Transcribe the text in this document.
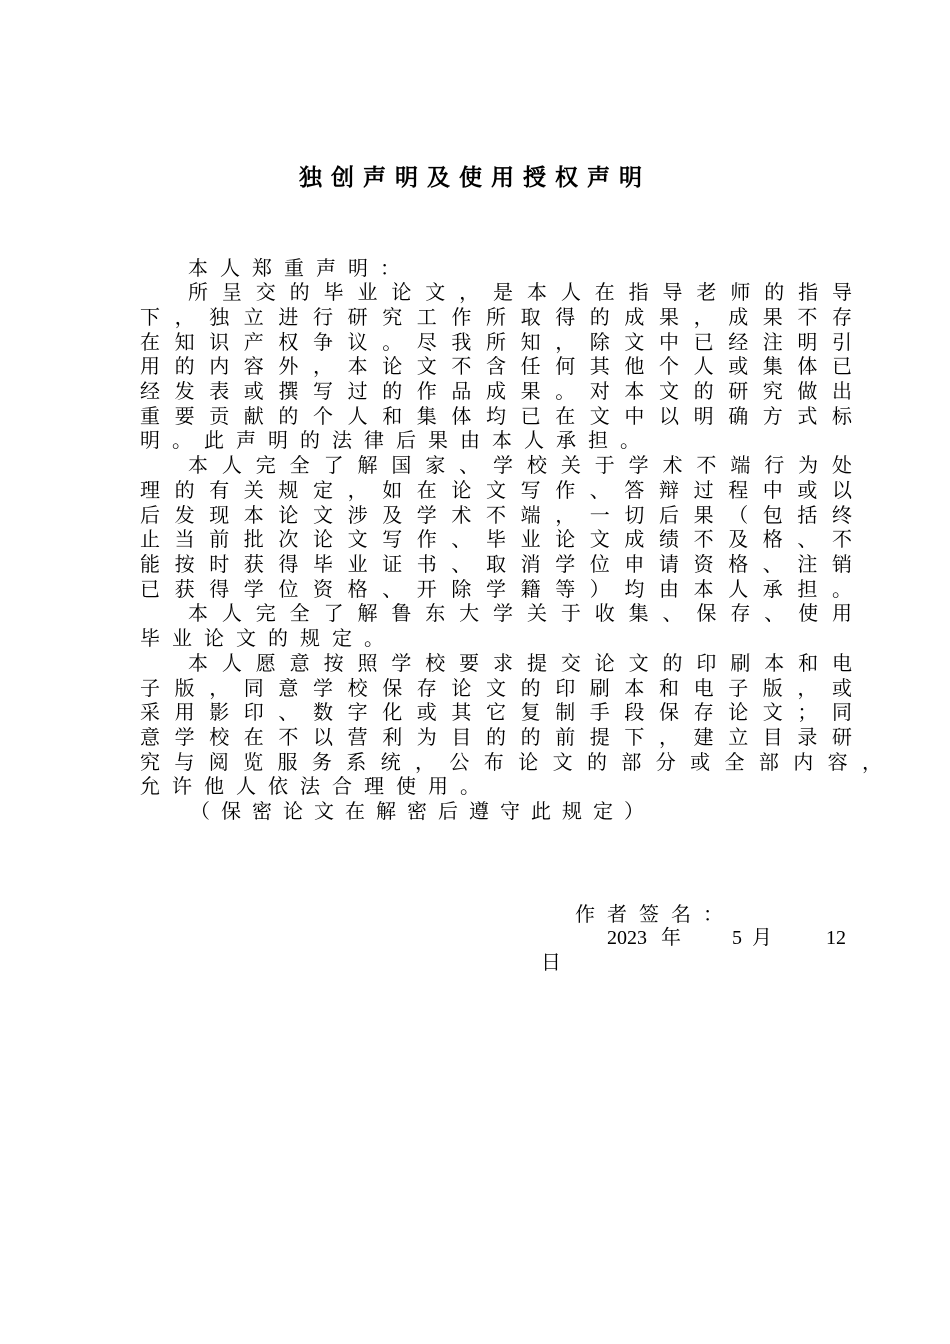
独创声明及使用授权声明
本人郑重声明：
所呈交的毕业论文，是本人在指导老师的指导
下，独立进行研究工作所取得的成果，成果不存
在知识产权争议。尽我所知，除文中已经注明引
用的内容外，本论文不含任何其他个人或集体已
经发表或撰写过的作品成果。对本文的研究做出
重要贡献的个人和集体均已在文中以明确方式标
明。此声明的法律后果由本人承担。
本人完全了解国家、学校关于学术不端行为处
理的有关规定，如在论文写作、答辩过程中或以
后发现本论文涉及学术不端，一切后果（包括终
止当前批次论文写作、毕业论文成绩不及格、不
能按时获得毕业证书、取消学位申请资格、注销
已获得学位资格、开除学籍等）均由本人承担。
本人完全了解鲁东大学关于收集、保存、使用
毕业论文的规定。
本人愿意按照学校要求提交论文的印刷本和电
子版，同意学校保存论文的印刷本和电子版，或
采用影印、数字化或其它复制手段保存论文；同
意学校在不以营利为目的的前提下，建立目录研
究与阅览服务系统，公布论文的部分或全部内容，
允许他人依法合理使用。
（保密论文在解密后遵守此规定）
作者签名：
2023 年	5 月	12
日
